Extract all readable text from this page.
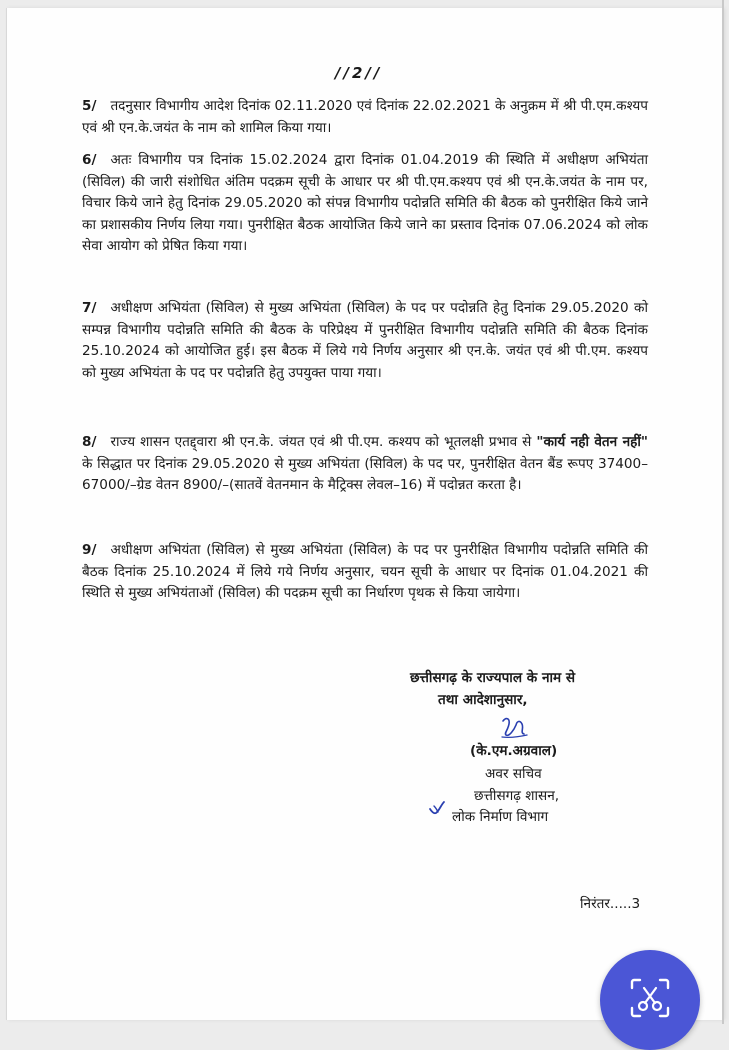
//2//
5/ तदनुसार विभागीय आदेश दिनांक 02.11.2020 एवं दिनांक 22.02.2021 के अनुक्रम में श्री पी.एम.कश्यप एवं श्री एन.के.जयंत के नाम को शामिल किया गया।
6/ अतः विभागीय पत्र दिनांक 15.02.2024 द्वारा दिनांक 01.04.2019 की स्थिति में अधीक्षण अभियंता (सिविल) की जारी संशोधित अंतिम पदक्रम सूची के आधार पर श्री पी.एम.कश्यप एवं श्री एन.के.जयंत के नाम पर, विचार किये जाने हेतु दिनांक 29.05.2020 को संपन्न विभागीय पदोन्नति समिति की बैठक को पुनरीक्षित किये जाने का प्रशासकीय निर्णय लिया गया। पुनरीक्षित बैठक आयोजित किये जाने का प्रस्ताव दिनांक 07.06.2024 को लोक सेवा आयोग को प्रेषित किया गया।
7/ अधीक्षण अभियंता (सिविल) से मुख्य अभियंता (सिविल) के पद पर पदोन्नति हेतु दिनांक 29.05.2020 को सम्पन्न विभागीय पदोन्नति समिति की बैठक के परिप्रेक्ष्य में पुनरीक्षित विभागीय पदोन्नति समिति की बैठक दिनांक 25.10.2024 को आयोजित हुई। इस बैठक में लिये गये निर्णय अनुसार श्री एन.के. जयंत एवं श्री पी.एम. कश्यप को मुख्य अभियंता के पद पर पदोन्नति हेतु उपयुक्त पाया गया।
8/ राज्य शासन एतद्द्वारा श्री एन.के. जंयत एवं श्री पी.एम. कश्यप को भूतलक्षी प्रभाव से "कार्य नही वेतन नहीं" के सिद्धात पर दिनांक 29.05.2020 से मुख्य अभियंता (सिविल) के पद पर, पुनरीक्षित वेतन बैंड रूपए 37400–67000/–ग्रेड वेतन 8900/–(सातवें वेतनमान के मैट्रिक्स लेवल–16) में पदोन्नत करता है।
9/ अधीक्षण अभियंता (सिविल) से मुख्य अभियंता (सिविल) के पद पर पुनरीक्षित विभागीय पदोन्नति समिति की बैठक दिनांक 25.10.2024 में लिये गये निर्णय अनुसार, चयन सूची के आधार पर दिनांक 01.04.2021 की स्थिति से मुख्य अभियंताओं (सिविल) की पदक्रम सूची का निर्धारण पृथक से किया जायेगा।
छत्तीसगढ़ के राज्यपाल के नाम से
तथा आदेशानुसार,
(के.एम.अग्रवाल)
अवर सचिव
छत्तीसगढ़ शासन,
लोक निर्माण विभाग
निरंतर.....3
